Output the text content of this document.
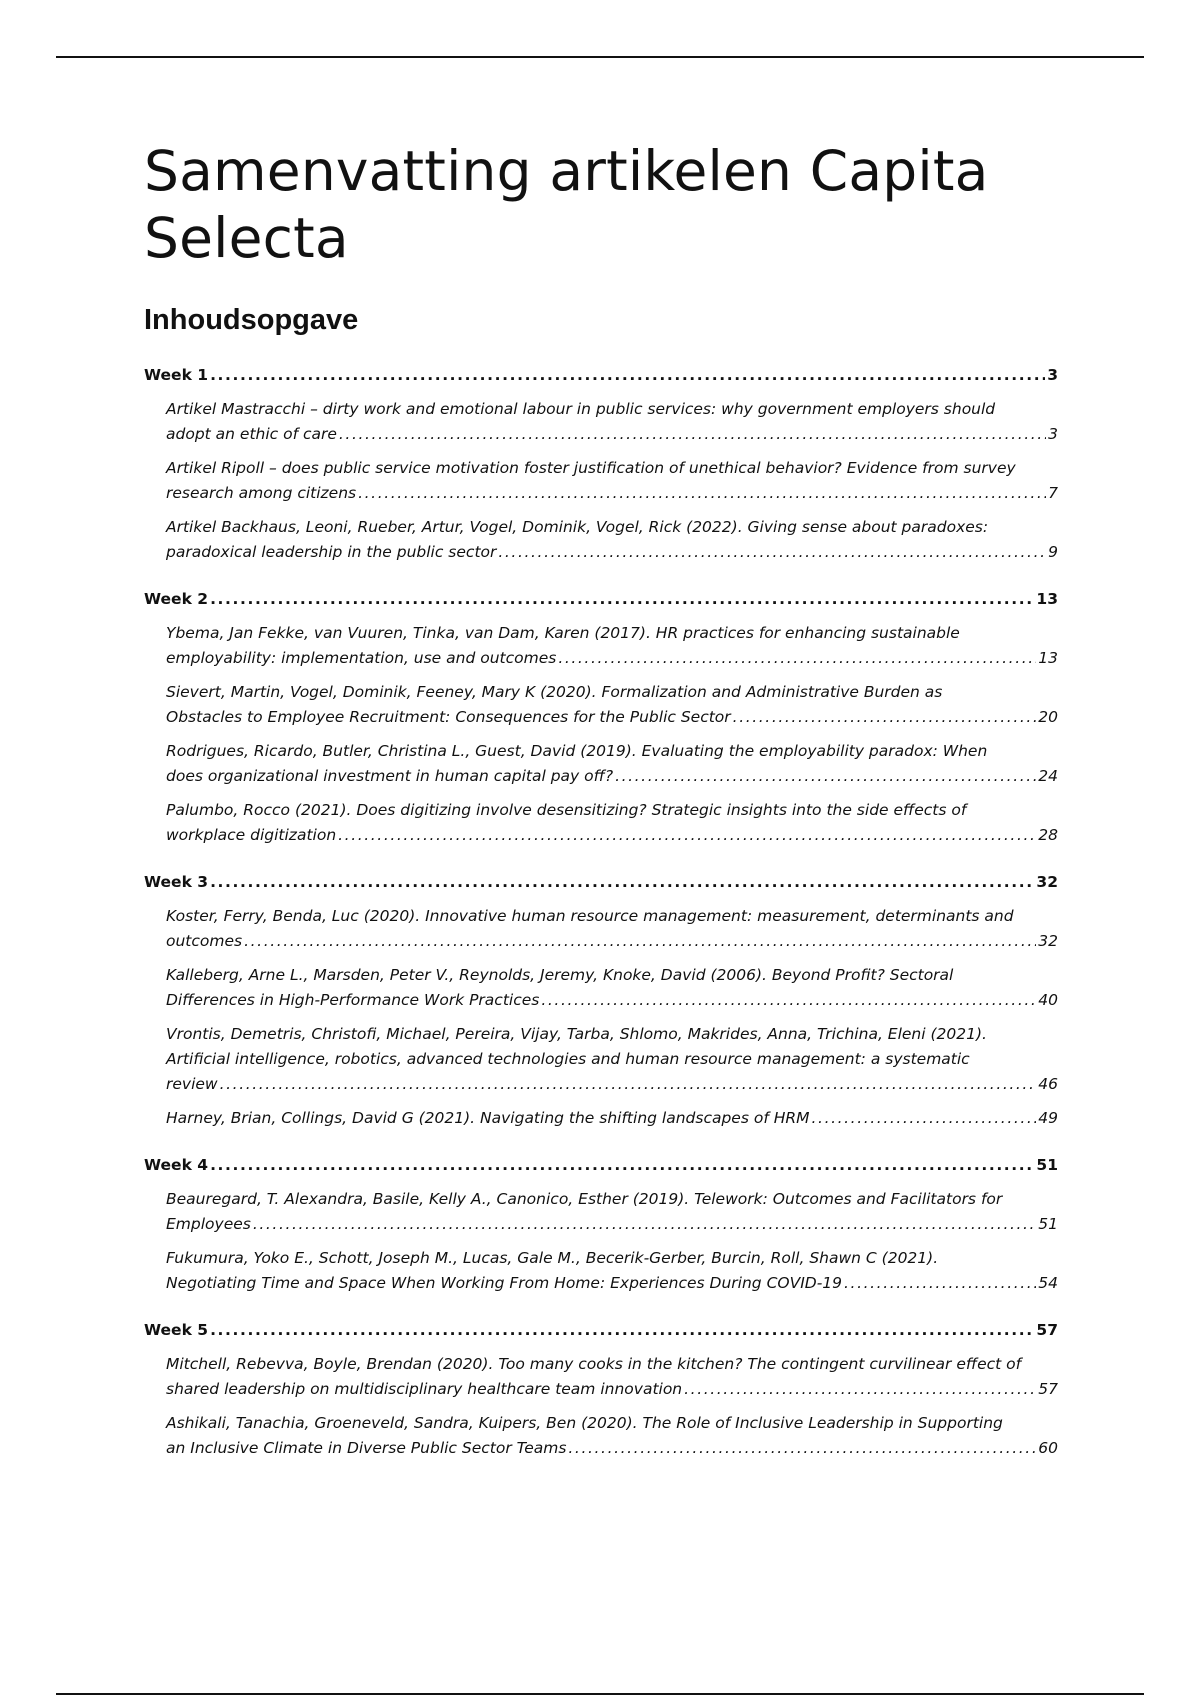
Samenvatting artikelen Capita Selecta
Inhoudsopgave
Week 1 .....	3
Artikel Mastracchi – dirty work and emotional labour in public services: why government employers should
adopt an ethic of care .....	3
Artikel Ripoll – does public service motivation foster justification of unethical behavior? Evidence from survey
research among citizens .....	7
Artikel Backhaus, Leoni, Rueber, Artur, Vogel, Dominik, Vogel, Rick (2022). Giving sense about paradoxes:
paradoxical leadership in the public sector .....	9
Week 2 .....	13
Ybema, Jan Fekke, van Vuuren, Tinka, van Dam, Karen (2017). HR practices for enhancing sustainable
employability: implementation, use and outcomes .....	13
Sievert, Martin, Vogel, Dominik, Feeney, Mary K (2020). Formalization and Administrative Burden as
Obstacles to Employee Recruitment: Consequences for the Public Sector .....	20
Rodrigues, Ricardo, Butler, Christina L., Guest, David (2019). Evaluating the employability paradox: When
does organizational investment in human capital pay off? .....	24
Palumbo, Rocco (2021). Does digitizing involve desensitizing? Strategic insights into the side effects of
workplace digitization .....	28
Week 3 .....	32
Koster, Ferry, Benda, Luc (2020). Innovative human resource management: measurement, determinants and
outcomes .....	32
Kalleberg, Arne L., Marsden, Peter V., Reynolds, Jeremy, Knoke, David (2006). Beyond Profit? Sectoral
Differences in High-Performance Work Practices .....	40
Vrontis, Demetris, Christofi, Michael, Pereira, Vijay, Tarba, Shlomo, Makrides, Anna, Trichina, Eleni (2021).
Artificial intelligence, robotics, advanced technologies and human resource management: a systematic
review .....	46
Harney, Brian, Collings, David G (2021). Navigating the shifting landscapes of HRM .....	49
Week 4 .....	51
Beauregard, T. Alexandra, Basile, Kelly A., Canonico, Esther (2019). Telework: Outcomes and Facilitators for
Employees .....	51
Fukumura, Yoko E., Schott, Joseph M., Lucas, Gale M., Becerik-Gerber, Burcin, Roll, Shawn C (2021).
Negotiating Time and Space When Working From Home: Experiences During COVID-19 .....	54
Week 5 .....	57
Mitchell, Rebevva, Boyle, Brendan (2020). Too many cooks in the kitchen? The contingent curvilinear effect of
shared leadership on multidisciplinary healthcare team innovation .....	57
Ashikali, Tanachia, Groeneveld, Sandra, Kuipers, Ben (2020). The Role of Inclusive Leadership in Supporting
an Inclusive Climate in Diverse Public Sector Teams .....	60
